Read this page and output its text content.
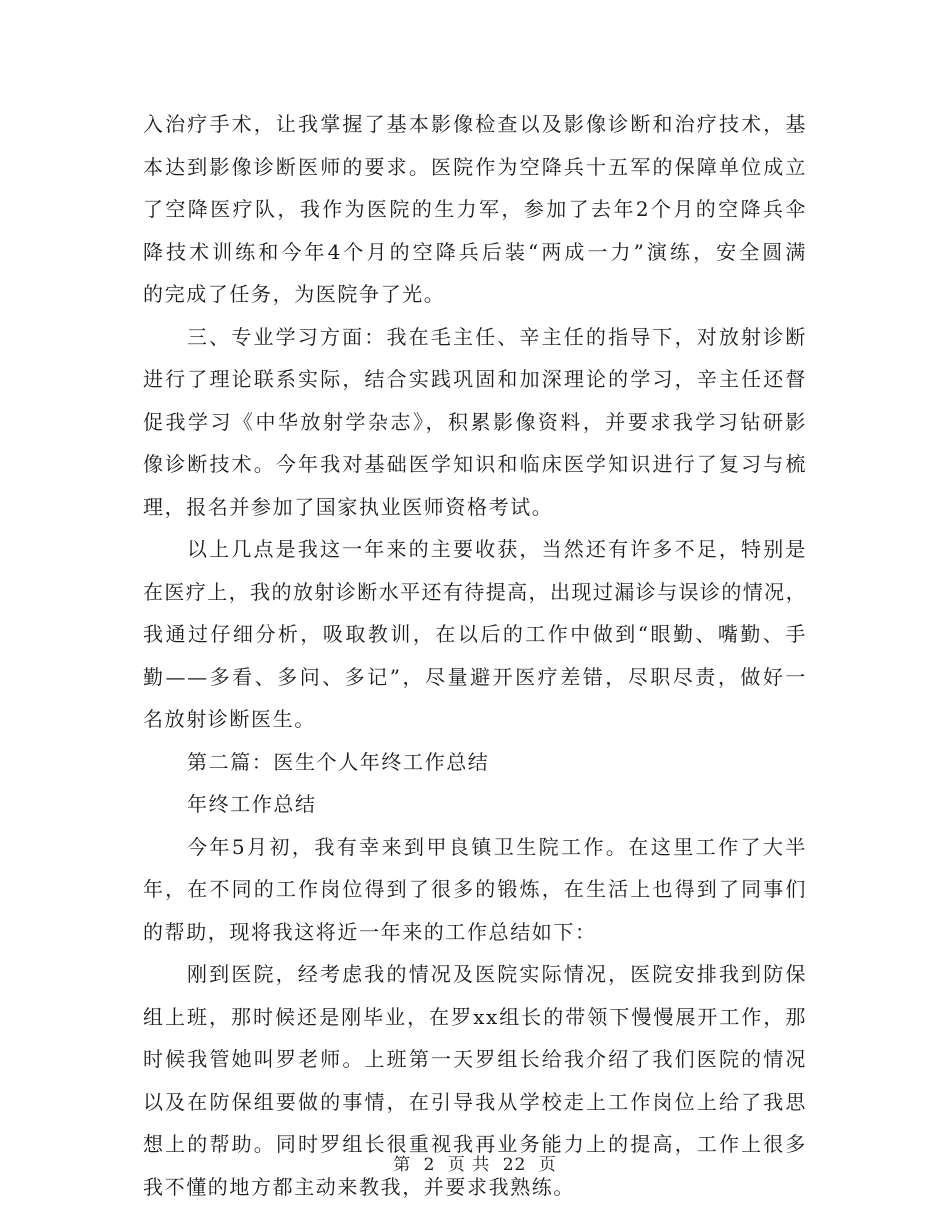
入治疗手术，让我掌握了基本影像检查以及影像诊断和治疗技术，基
本达到影像诊断医师的要求。医院作为空降兵十五军的保障单位成立
了空降医疗队，我作为医院的生力军，参加了去年2个月的空降兵伞
降技术训练和今年4个月的空降兵后装“两成一力”演练，安全圆满
的完成了任务，为医院争了光。
三、专业学习方面：我在毛主任、辛主任的指导下，对放射诊断
进行了理论联系实际，结合实践巩固和加深理论的学习，辛主任还督
促我学习《中华放射学杂志》，积累影像资料，并要求我学习钻研影
像诊断技术。今年我对基础医学知识和临床医学知识进行了复习与梳
理，报名并参加了国家执业医师资格考试。
以上几点是我这一年来的主要收获，当然还有许多不足，特别是
在医疗上，我的放射诊断水平还有待提高，出现过漏诊与误诊的情况，
我通过仔细分析，吸取教训，在以后的工作中做到“眼勤、嘴勤、手
勤——多看、多问、多记”，尽量避开医疗差错，尽职尽责，做好一
名放射诊断医生。
第二篇：医生个人年终工作总结
年终工作总结
今年5月初，我有幸来到甲良镇卫生院工作。在这里工作了大半
年，在不同的工作岗位得到了很多的锻炼，在生活上也得到了同事们
的帮助，现将我这将近一年来的工作总结如下：
刚到医院，经考虑我的情况及医院实际情况，医院安排我到防保
组上班，那时候还是刚毕业，在罗xx组长的带领下慢慢展开工作，那
时候我管她叫罗老师。上班第一天罗组长给我介绍了我们医院的情况
以及在防保组要做的事情，在引导我从学校走上工作岗位上给了我思
想上的帮助。同时罗组长很重视我再业务能力上的提高，工作上很多
我不懂的地方都主动来教我，并要求我熟练。
第 2 页 共 22 页
